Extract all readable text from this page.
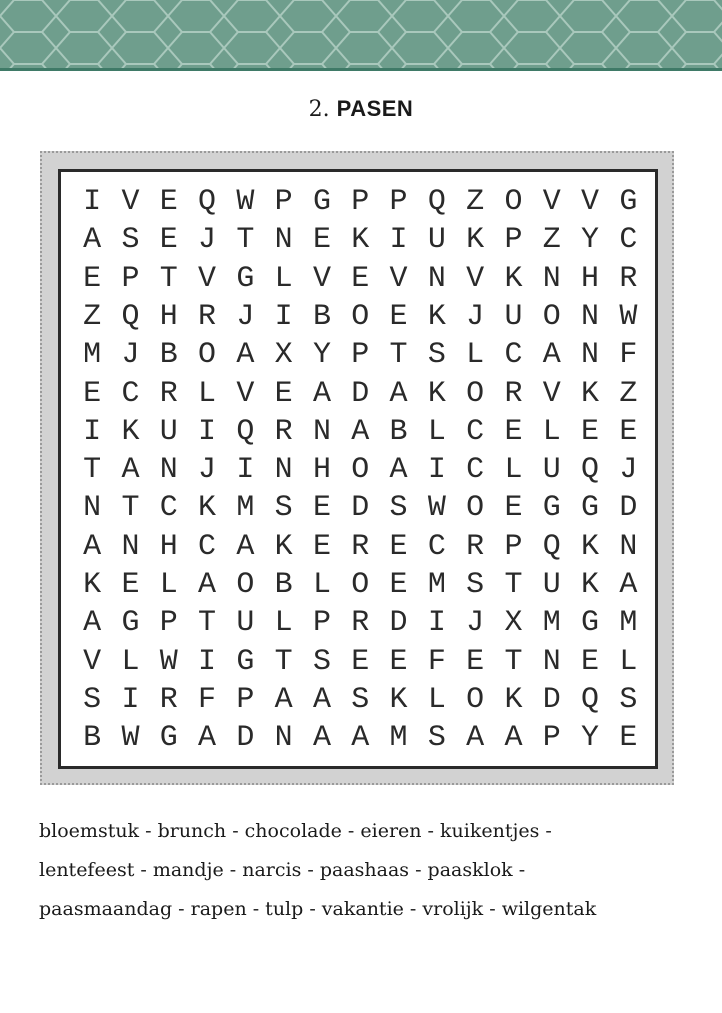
2. PASEN
I V E Q W P G P P Q Z O V V G
A S E J T N E K I U K P Z Y C
E P T V G L V E V N V K N H R
Z Q H R J I B O E K J U O N W
M J B O A X Y P T S L C A N F
E C R L V E A D A K O R V K Z
I K U I Q R N A B L C E L E E
T A N J I N H O A I C L U Q J
N T C K M S E D S W O E G G D
A N H C A K E R E C R P Q K N
K E L A O B L O E M S T U K A
A G P T U L P R D I J X M G M
V L W I G T S E E F E T N E L
S I R F P A A S K L O K D Q S
B W G A D N A A M S A A P Y E
bloemstuk - brunch - chocolade - eieren - kuikentjes -
lentefeest - mandje - narcis - paashaas - paasklok -
paasmaandag - rapen - tulp - vakantie - vrolijk - wilgentak
